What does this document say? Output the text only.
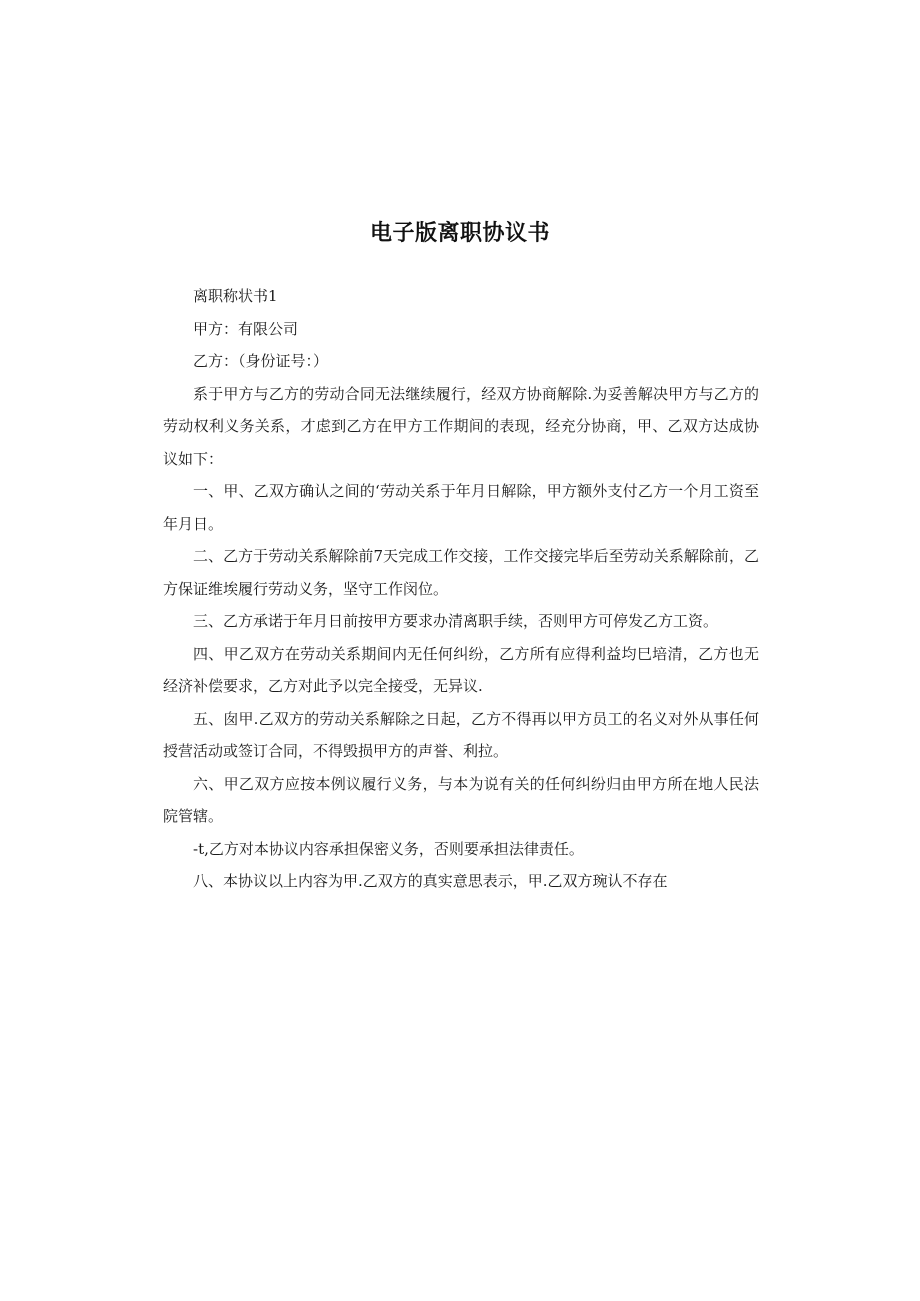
电子版离职协议书

离职称状书1

甲方：有限公司

乙方：（身份证号：）

系于甲方与乙方的劳动合同无法继续履行，经双方协商解除.为妥善解决甲方与乙方的劳动权利义务关系，才虑到乙方在甲方工作期间的表现，经充分协商，甲、乙双方达成协议如下：

一、甲、乙双方确认之间的‘劳动关系于年月日解除，甲方额外支付乙方一个月工资至年月日。

二、乙方于劳动关系解除前7天完成工作交接，工作交接完毕后至劳动关系解除前，乙方保证维埃履行劳动义务，坚守工作闵位。

三、乙方承诺于年月日前按甲方要求办清离职手续，否则甲方可停发乙方工资。

四、甲乙双方在劳动关系期间内无任何纠纷，乙方所有应得利益均巳培清，乙方也无经济补偿要求，乙方对此予以完全接受，无异议.

五、囱甲.乙双方的劳动关系解除之日起，乙方不得再以甲方员工的名义对外从事任何授营活动或签订合同，不得毁损甲方的声誉、利拉。

六、甲乙双方应按本例议履行义务，与本为说有关的任何纠纷归由甲方所在地人民法院管辖。

-t,乙方对本协议内容承担保密义务，否则要承担法律责任。

八、本协议以上内容为甲.乙双方的真实意思表示，甲.乙双方琬认不存在
